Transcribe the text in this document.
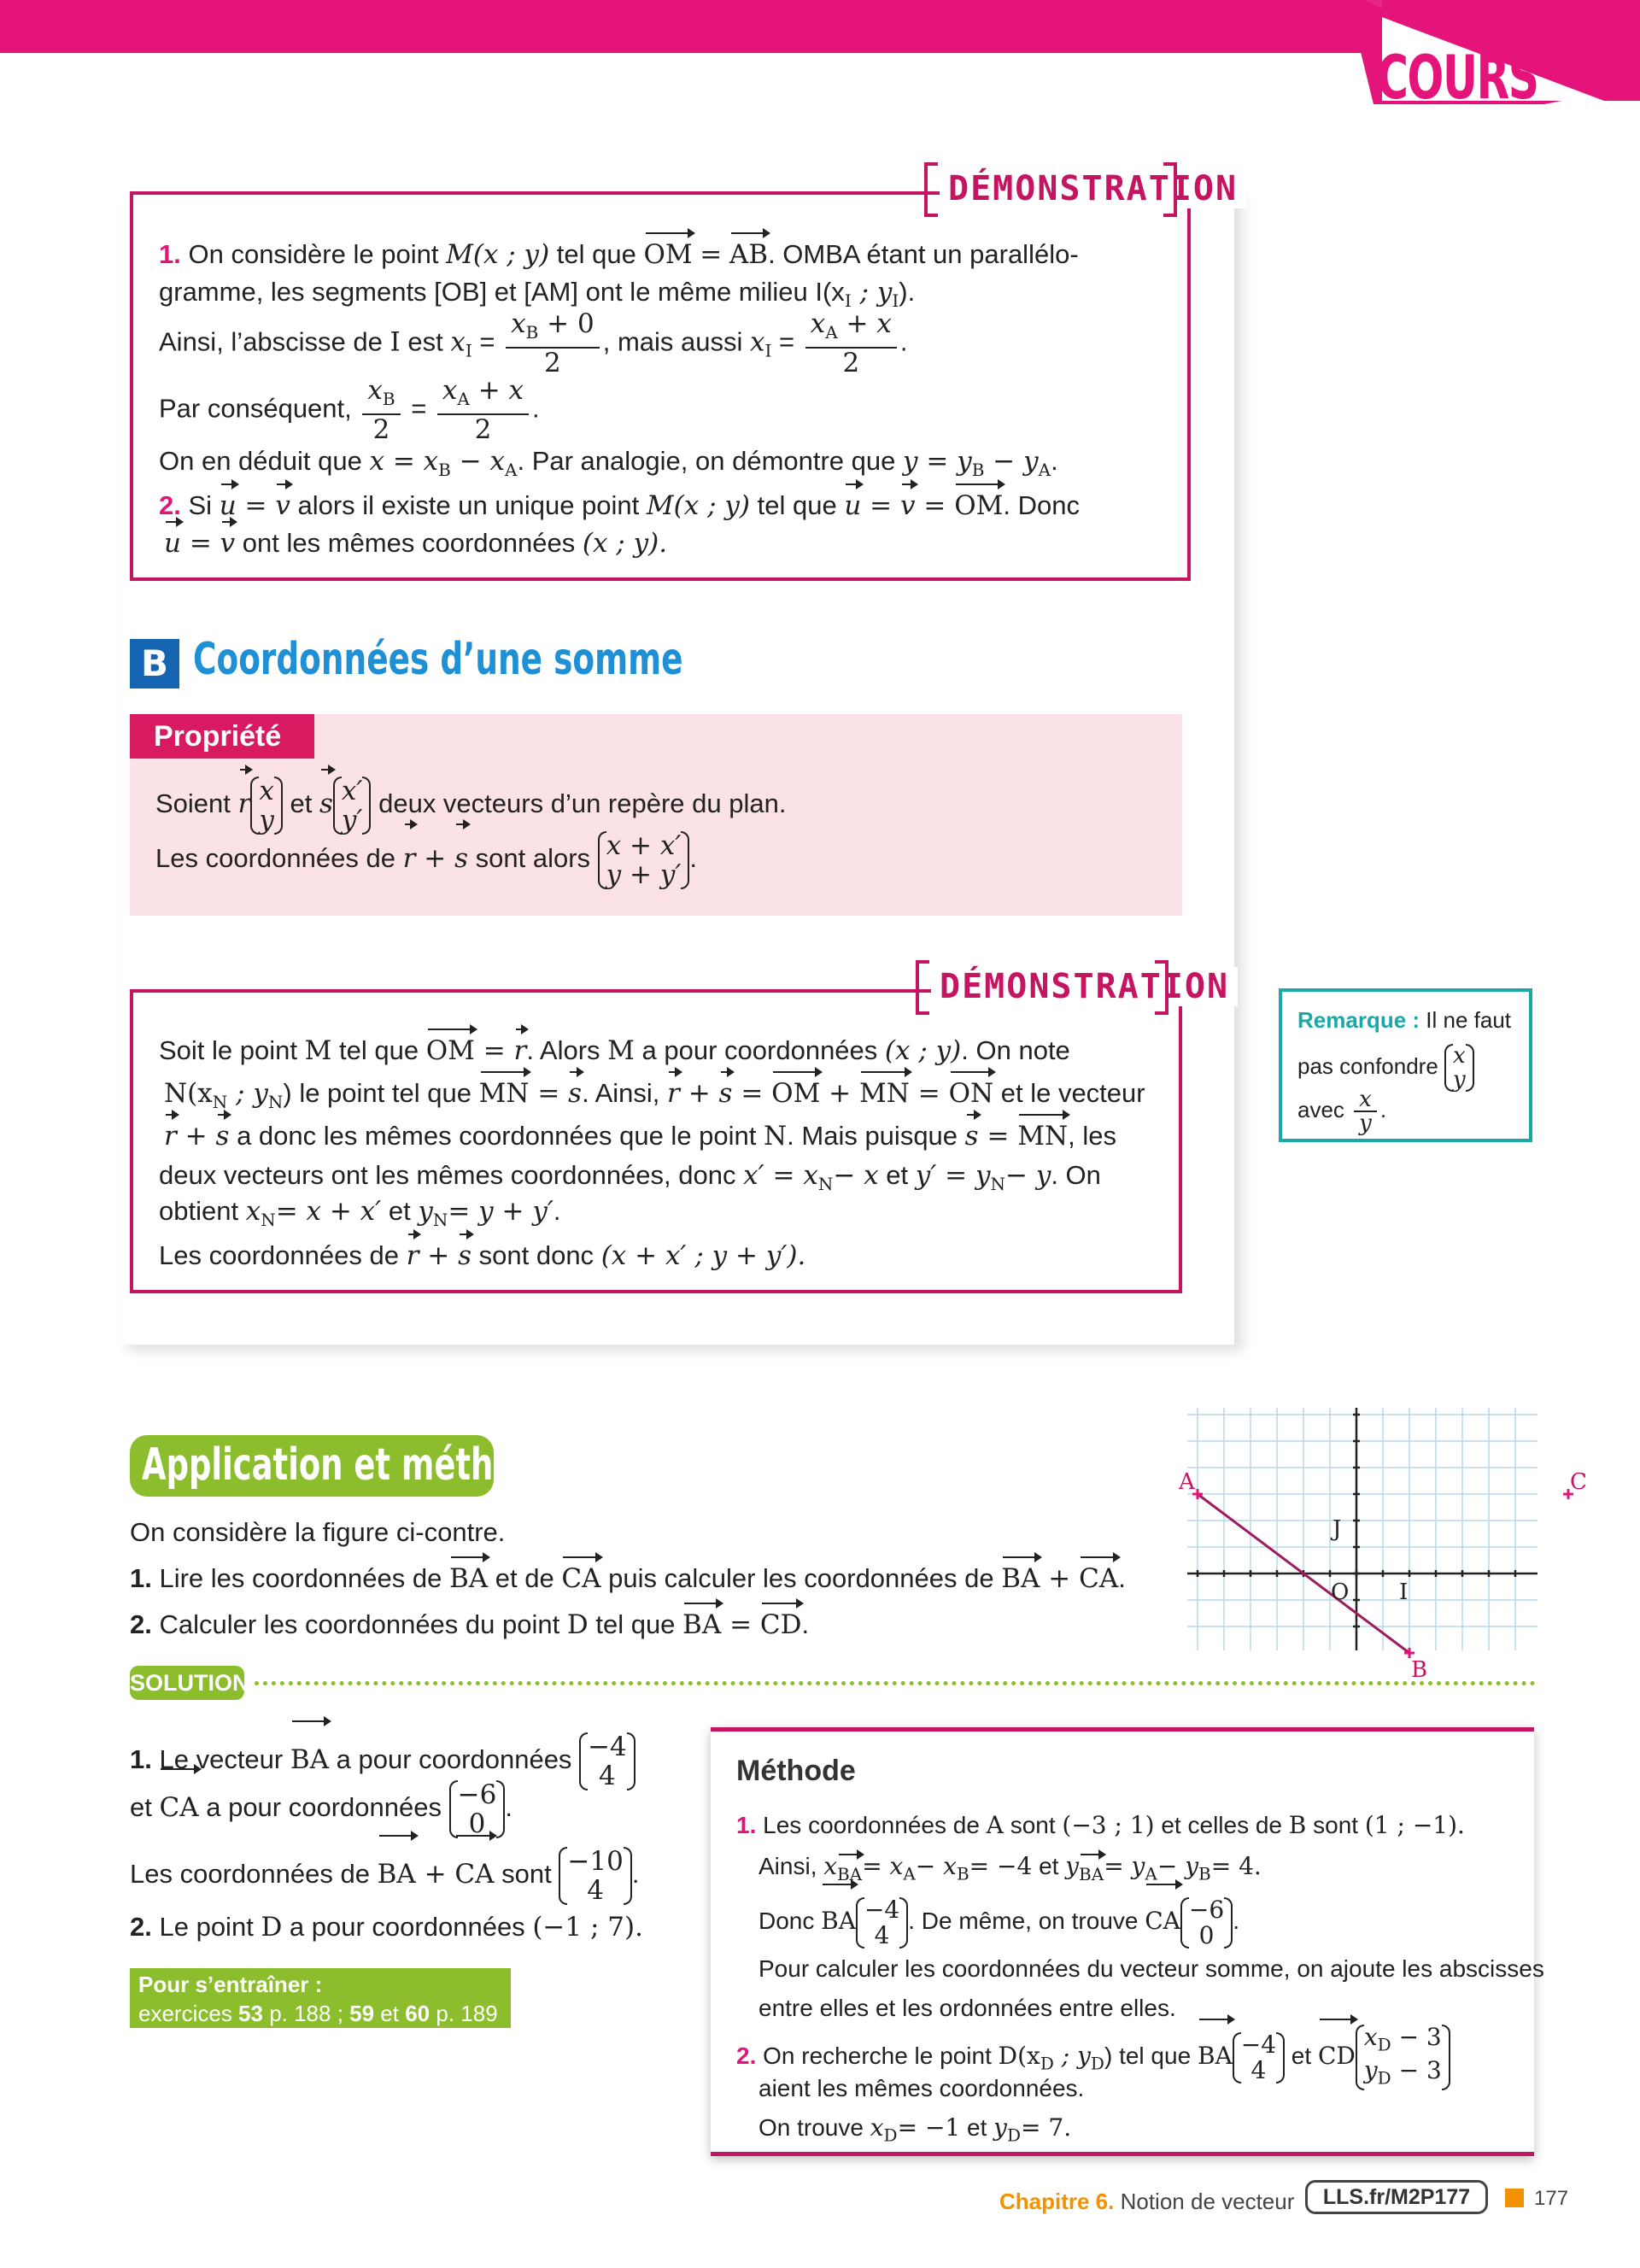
COURS
DÉMONSTRATION
1. On considère le point M(x ; y) tel que OM = AB. OMBA étant un parallélo-
gramme, les segments [OB] et [AM] ont le même milieu $I(x_I$ ; $y_I$).
Ainsi, l’abscisse de I est $x_I = \frac{x_B + 0}{2}$ , mais aussi $x_I = \frac{x_A + x}{2}$ .
Par conséquent, $\frac{x_B}{2} = \frac{x_A + x}{2}$ .
On en déduit que $x = x_B - x_A$. Par analogie, on démontre que $y = y_B - y_A$.
2. Si u = v alors il existe un unique point M(x ; y) tel que u = v = OM. Donc
u = v ont les mêmes coordonnées (x ; y).
B Coordonnées d’une somme
Propriété
Soient r x
y
et s x′
y′
deux vecteurs d’un repère du plan.
Les coordonnées de r + s sont alors x + x′
y + y′
.
DÉMONSTRATION
Soit le point M tel que OM = r. Alors M a pour coordonnées (x ; y). On note
$N(x_N$ ; $y_N$) le point tel que MN = s. Ainsi, r + s = OM + MN = ON et le vecteur
r + s a donc les mêmes coordonnées que le point N. Mais puisque s = MN, les
deux vecteurs ont les mêmes coordonnées, donc $x' = x_N- x$ et $y' = y_N- y$. On
obtient $x_N= x + x'$ et $y_N= y + y'$.
Les coordonnées de r + s sont donc (x + x′ ; y + y′).
Remarque : Il ne faut
pas confondre x
y
avec $\frac{x}{y}$ .
Application et méthode
On considère la figure ci-contre.
1. Lire les coordonnées de BA et de CA puis calculer les coordonnées de BA + CA.
2. Calculer les coordonnées du point D tel que BA = CD.
A
B
C
O I
J
SOLUTION
1. Le vecteur BA a pour coordonnées −4
4
et CA a pour coordonnées −6
0
.
Les coordonnées de BA + CA sont −10
4
.
2. Le point D a pour coordonnées (−1 ; 7).
Pour s’entraîner :
exercices 53 p. 188 ; 59 et 60 p. 189
Méthode
1. Les coordonnées de A sont (−3 ; 1) et celles de B sont (1 ; −1).
Ainsi, $x_{BA}= x_A- x_B= -4$ et $y_{BA}= y_A- y_B= 4$.
Donc BA −4
4
. De même, on trouve CA −6
0
.
Pour calculer les coordonnées du vecteur somme, on ajoute les abscisses
entre elles et les ordonnées entre elles.
2. On recherche le point $D(x_D$ ; $y_D$) tel que BA −4
4
et CD
$x_D - 3$
$y_D - 3$
aient les mêmes coordonnées.
On trouve $x_D= -1$ et $y_D= 7$.
Chapitre 6. Notion de vecteur	LLS.fr/M2P177	177
